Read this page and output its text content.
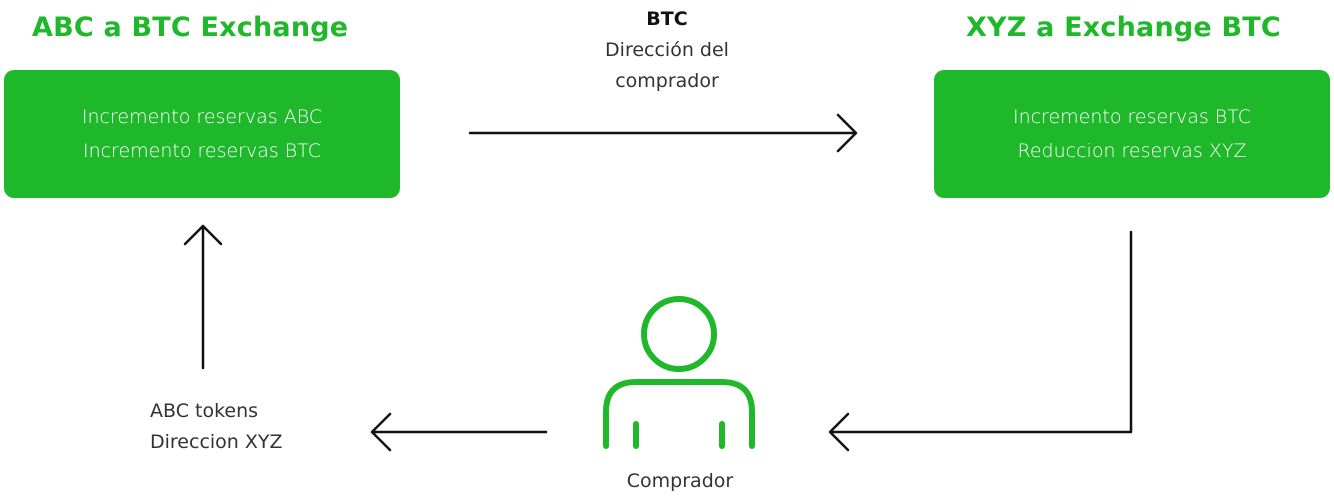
ABC a BTC Exchange	XYZ a Exchange BTC
Incremento reservas ABC
Incremento reservas BTC
Incremento reservas BTC
Reduccion reservas XYZ
BTC
Dirección del
comprador
ABC tokens
Direccion XYZ
Comprador
